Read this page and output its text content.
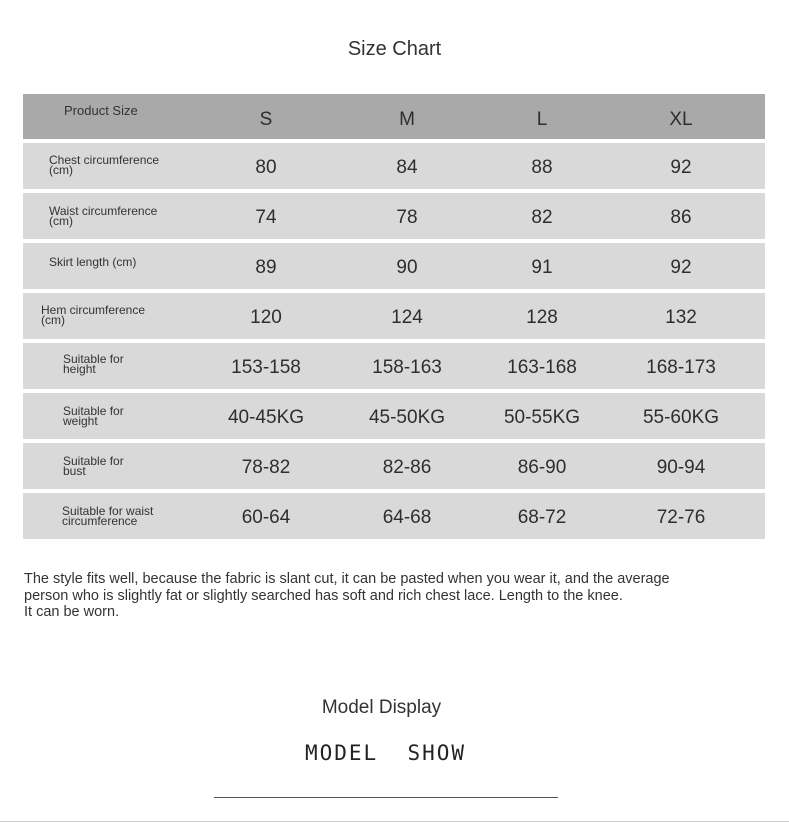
Size Chart
Product Size	S	M	L	XL
Chest circumference
(cm)	80	84	88	92
Waist circumference
(cm)	74	78	82	86
Skirt length (cm)	89	90	91	92
Hem circumference
(cm)	120	124	128	132
Suitable for
height	153-158	158-163	163-168	168-173
Suitable for
weight	40-45KG	45-50KG	50-55KG	55-60KG
Suitable for
bust	78-82	82-86	86-90	90-94
Suitable for waist
circumference	60-64	64-68	68-72	72-76

The style fits well, because the fabric is slant cut, it can be pasted when you wear it, and the average

person who is slightly fat or slightly searched has soft and rich chest lace. Length to the knee.

It can be worn.

Model Display
MODEL  SHOW
